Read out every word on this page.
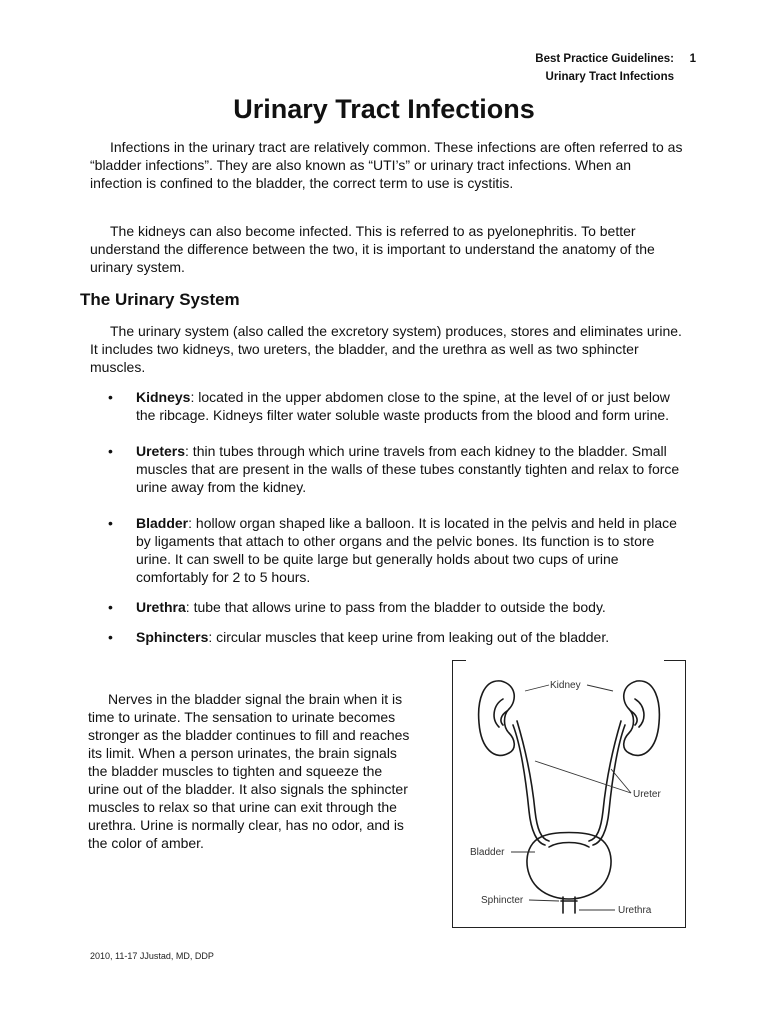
Best Practice Guidelines: 1
Urinary Tract Infections
Urinary Tract Infections

Infections in the urinary tract are relatively common. These infections are often referred to as “bladder infections”. They are also known as “UTI’s” or urinary tract infections. When an infection is confined to the bladder, the correct term to use is cystitis.

The kidneys can also become infected. This is referred to as pyelonephritis. To better understand the difference between the two, it is important to understand the anatomy of the urinary system.

The Urinary System

The urinary system (also called the excretory system) produces, stores and eliminates urine. It includes two kidneys, two ureters, the bladder, and the urethra as well as two sphincter muscles.

• Kidneys: located in the upper abdomen close to the spine, at the level of or just below the ribcage. Kidneys filter water soluble waste products from the blood and form urine.
• Ureters: thin tubes through which urine travels from each kidney to the bladder. Small muscles that are present in the walls of these tubes constantly tighten and relax to force urine away from the kidney.
• Bladder: hollow organ shaped like a balloon. It is located in the pelvis and held in place by ligaments that attach to other organs and the pelvic bones. Its function is to store urine. It can swell to be quite large but generally holds about two cups of urine comfortably for 2 to 5 hours.
• Urethra: tube that allows urine to pass from the bladder to outside the body.
• Sphincters: circular muscles that keep urine from leaking out of the bladder.

Nerves in the bladder signal the brain when it is time to urinate. The sensation to urinate becomes stronger as the bladder continues to fill and reaches its limit. When a person urinates, the brain signals the bladder muscles to tighten and squeeze the urine out of the bladder. It also signals the sphincter muscles to relax so that urine can exit through the urethra. Urine is normally clear, has no odor, and is the color of amber.

Kidney
Ureter
Bladder
Sphincter
Urethra
2010, 11-17 JJustad, MD, DDP
